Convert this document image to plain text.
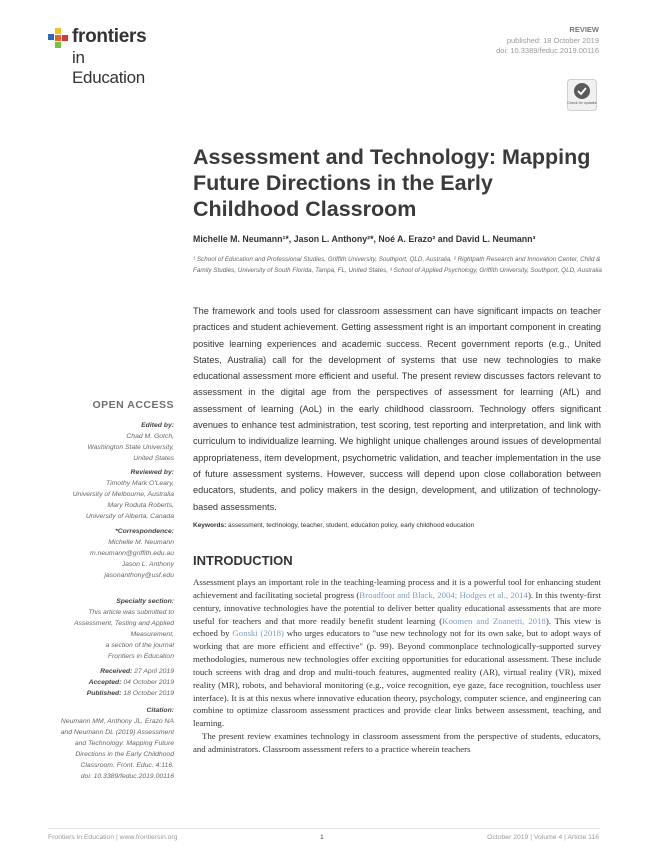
frontiers
in Education
REVIEW
published: 18 October 2019
doi: 10.3389/feduc.2019.00116
Check for updates
Assessment and Technology: Mapping Future Directions in the Early Childhood Classroom
Michelle M. Neumann¹*, Jason L. Anthony²*, Noé A. Erazo² and David L. Neumann³
¹ School of Education and Professional Studies, Griffith University, Southport, QLD, Australia, ² Rightpath Research and Innovation Center, Child & Family Studies, University of South Florida, Tampa, FL, United States, ³ School of Applied Psychology, Griffith University, Southport, QLD, Australia
The framework and tools used for classroom assessment can have significant impacts on teacher practices and student achievement. Getting assessment right is an important component in creating positive learning experiences and academic success. Recent government reports (e.g., United States, Australia) call for the development of systems that use new technologies to make educational assessment more efficient and useful. The present review discusses factors relevant to assessment in the digital age from the perspectives of assessment for learning (AfL) and assessment of learning (AoL) in the early childhood classroom. Technology offers significant avenues to enhance test administration, test scoring, test reporting and interpretation, and link with curriculum to individualize learning. We highlight unique challenges around issues of developmental appropriateness, item development, psychometric validation, and teacher implementation in the use of future assessment systems. However, success will depend upon close collaboration between educators, students, and policy makers in the design, development, and utilization of technology-based assessments.
Keywords: assessment, technology, teacher, student, education policy, early childhood education
INTRODUCTION

Assessment plays an important role in the teaching-learning process and it is a powerful tool for enhancing student achievement and facilitating societal progress (Broadfoot and Black, 2004; Hodges et al., 2014). In this twenty-first century, innovative technologies have the potential to deliver better quality educational assessments that are more useful for teachers and that more readily benefit student learning (Koomen and Zoanetti, 2018). This view is echoed by Gonski (2018) who urges educators to "use new technology not for its own sake, but to adopt ways of working that are more efficient and effective" (p. 99). Beyond commonplace technologically-supported survey methodologies, numerous new technologies offer exciting opportunities for educational assessment. These include touch screens with drag and drop and multi-touch features, augmented reality (AR), virtual reality (VR), mixed reality (MR), robots, and behavioral monitoring (e.g., voice recognition, eye gaze, face recognition, touchless user interface). It is at this nexus where innovative education theory, psychology, computer science, and engineering can combine to optimize classroom assessment practices and provide clear links between assessment, teaching, and learning.

The present review examines technology in classroom assessment from the perspective of students, educators, and administrators. Classroom assessment refers to a practice wherein teachers

OPEN ACCESS
Edited by:
Chad M. Gotch,
Washington State University,
United States
Reviewed by:
Timothy Mark O'Leary,
University of Melbourne, Australia
Mary Roduta Roberts,
University of Alberta, Canada
*Correspondence:
Michelle M. Neumann
m.neumann@griffith.edu.au
Jason L. Anthony
jasonanthony@usf.edu
Specialty section:
This article was submitted to
Assessment, Testing and Applied
Measurement,
a section of the journal
Frontiers in Education
Received: 27 April 2019
Accepted: 04 October 2019
Published: 18 October 2019
Citation:
Neumann MM, Anthony JL, Erazo NA
and Neumann DL (2019) Assessment
and Technology: Mapping Future
Directions in the Early Childhood
Classroom. Front. Educ. 4:116.
doi: 10.3389/feduc.2019.00116
Frontiers in Education | www.frontiersin.org	1	October 2019 | Volume 4 | Article 116
